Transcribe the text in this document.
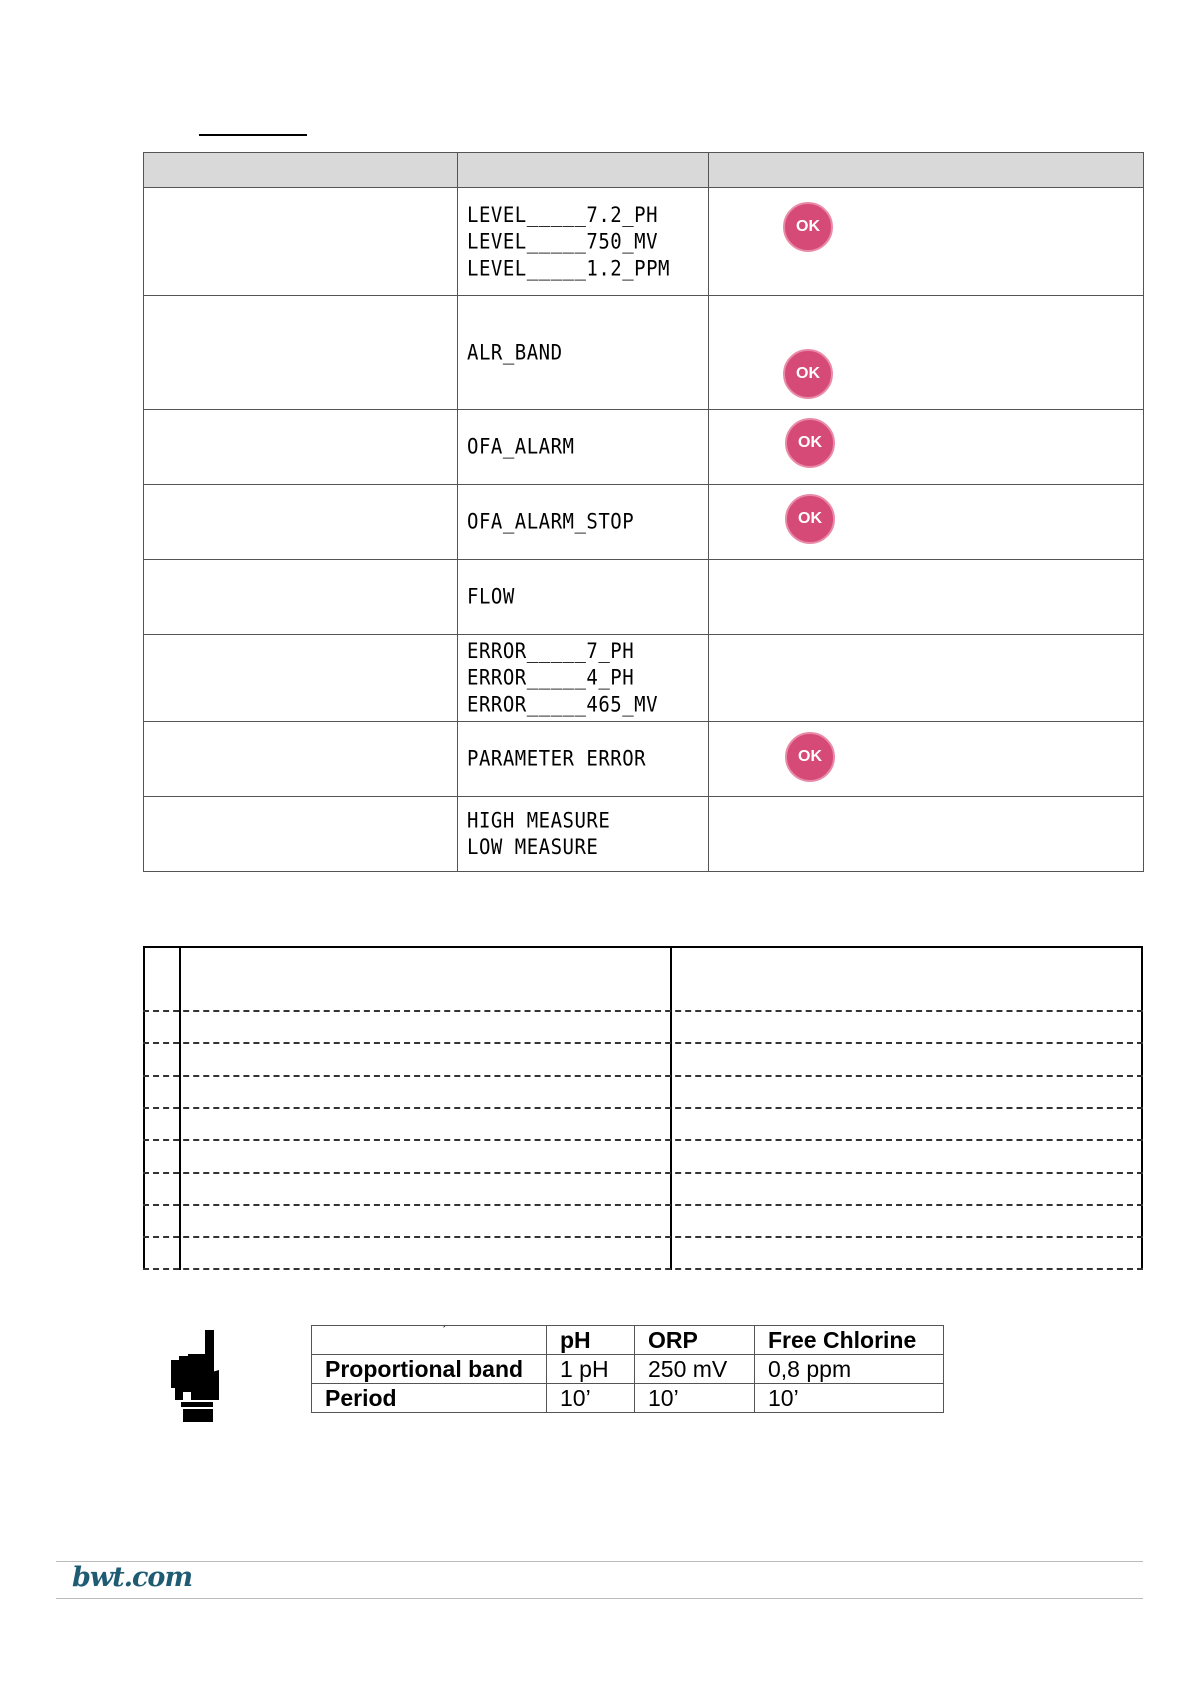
	LEVEL_____7.2_PH
LEVEL_____750_MV
LEVEL_____1.2_PPM	OK

	ALR_BAND	OK

	OFA_ALARM	OK

	OFA_ALARM_STOP	OK

	FLOW	

	ERROR_____7_PH
ERROR_____4_PH
ERROR_____465_MV	

	PARAMETER ERROR	OK

	HIGH MEASURE
LOW MEASURE	

ˏ
	pH	ORP	Free Chlorine
Proportional band	1 pH	250 mV	0,8 ppm
Period	10’	10’	10’
bwt.com
